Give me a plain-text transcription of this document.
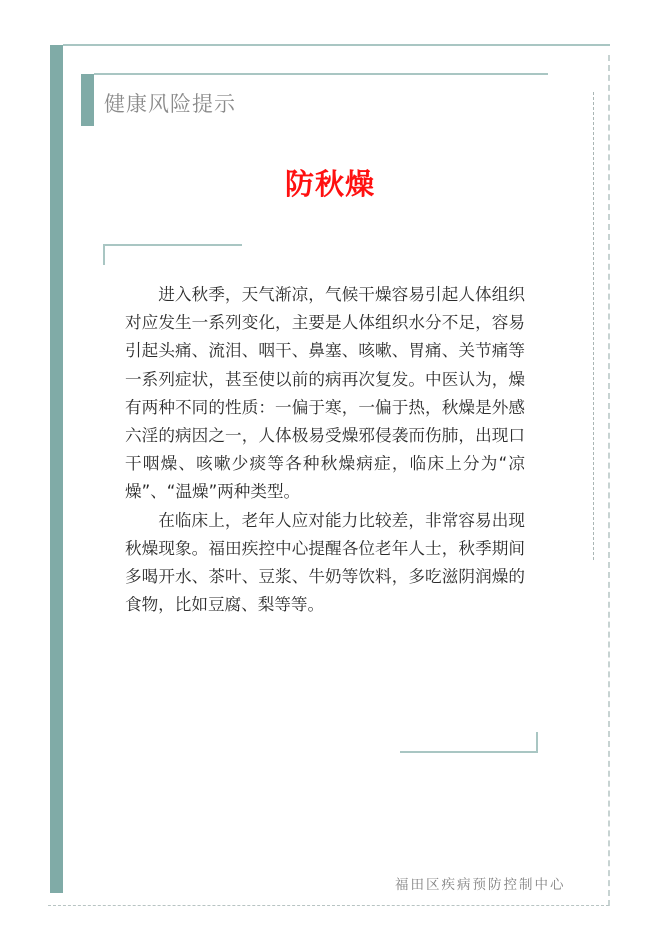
健康风险提示
防秋燥

进入秋季，天气渐凉，气候干燥容易引起人体组织对应发生一系列变化，主要是人体组织水分不足，容易引起头痛、流泪、咽干、鼻塞、咳嗽、胃痛、关节痛等一系列症状，甚至使以前的病再次复发。中医认为，燥有两种不同的性质：一偏于寒，一偏于热，秋燥是外感六淫的病因之一，人体极易受燥邪侵袭而伤肺，出现口干咽燥、咳嗽少痰等各种秋燥病症，临床上分为“凉燥”、“温燥”两种类型。

在临床上，老年人应对能力比较差，非常容易出现秋燥现象。福田疾控中心提醒各位老年人士，秋季期间多喝开水、茶叶、豆浆、牛奶等饮料，多吃滋阴润燥的食物，比如豆腐、梨等等。

福田区疾病预防控制中心
